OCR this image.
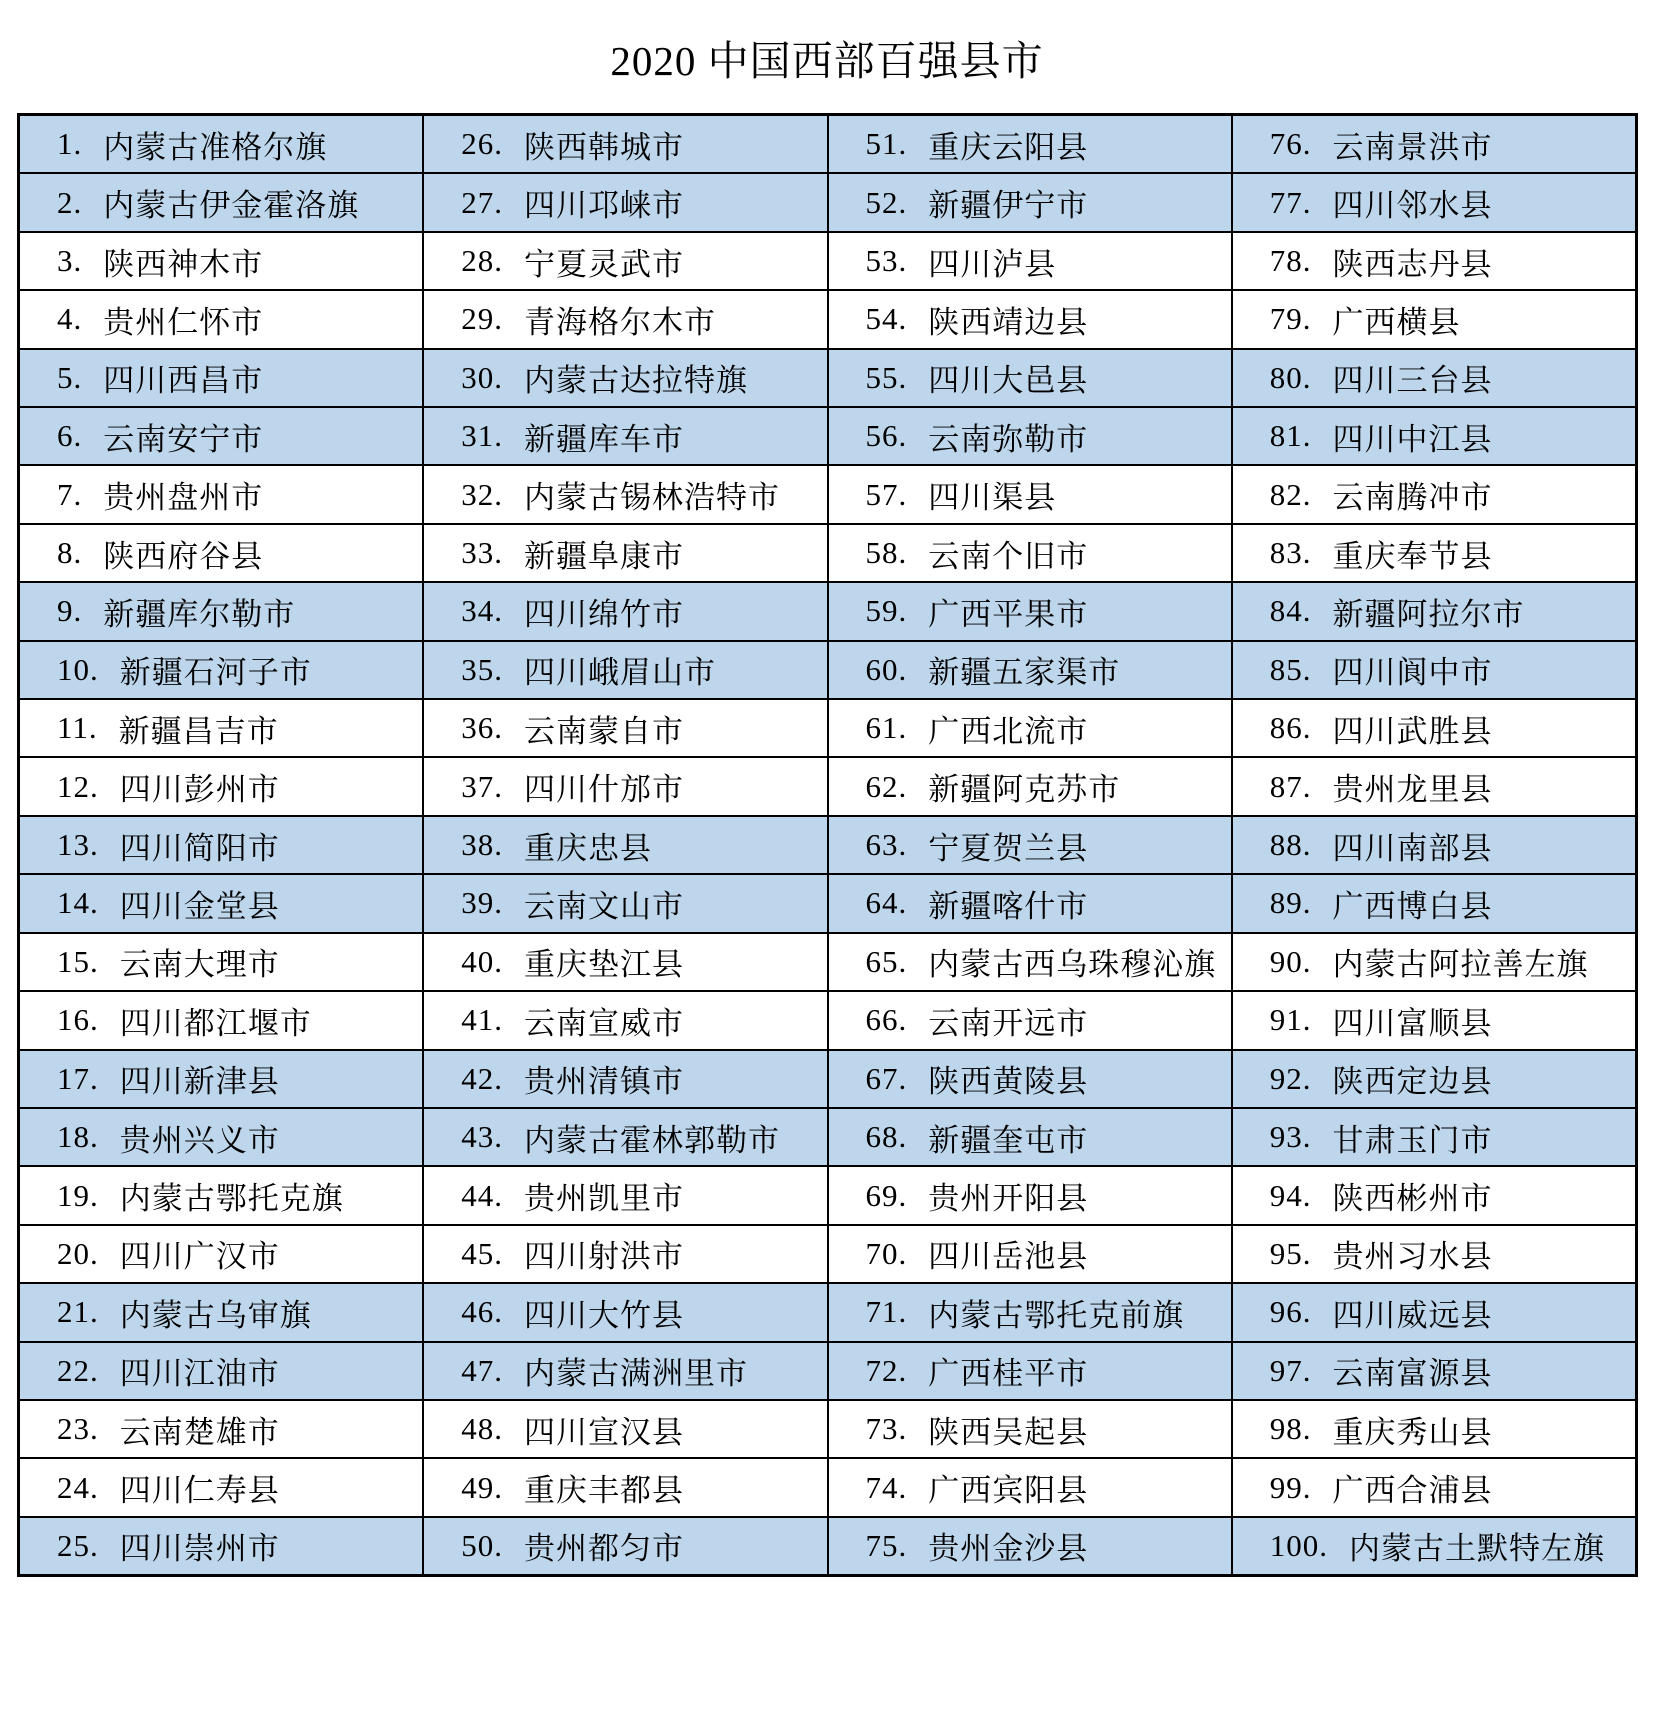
2020 中国西部百强县市
1. 内蒙古准格尔旗
2. 内蒙古伊金霍洛旗
3. 陕西神木市
4. 贵州仁怀市
5. 四川西昌市
6. 云南安宁市
7. 贵州盘州市
8. 陕西府谷县
9. 新疆库尔勒市
10. 新疆石河子市
11. 新疆昌吉市
12. 四川彭州市
13. 四川简阳市
14. 四川金堂县
15. 云南大理市
16. 四川都江堰市
17. 四川新津县
18. 贵州兴义市
19. 内蒙古鄂托克旗
20. 四川广汉市
21. 内蒙古乌审旗
22. 四川江油市
23. 云南楚雄市
24. 四川仁寿县
25. 四川崇州市
26. 陕西韩城市
27. 四川邛崃市
28. 宁夏灵武市
29. 青海格尔木市
30. 内蒙古达拉特旗
31. 新疆库车市
32. 内蒙古锡林浩特市
33. 新疆阜康市
34. 四川绵竹市
35. 四川峨眉山市
36. 云南蒙自市
37. 四川什邡市
38. 重庆忠县
39. 云南文山市
40. 重庆垫江县
41. 云南宣威市
42. 贵州清镇市
43. 内蒙古霍林郭勒市
44. 贵州凯里市
45. 四川射洪市
46. 四川大竹县
47. 内蒙古满洲里市
48. 四川宣汉县
49. 重庆丰都县
50. 贵州都匀市
51. 重庆云阳县
52. 新疆伊宁市
53. 四川泸县
54. 陕西靖边县
55. 四川大邑县
56. 云南弥勒市
57. 四川渠县
58. 云南个旧市
59. 广西平果市
60. 新疆五家渠市
61. 广西北流市
62. 新疆阿克苏市
63. 宁夏贺兰县
64. 新疆喀什市
65. 内蒙古西乌珠穆沁旗
66. 云南开远市
67. 陕西黄陵县
68. 新疆奎屯市
69. 贵州开阳县
70. 四川岳池县
71. 内蒙古鄂托克前旗
72. 广西桂平市
73. 陕西吴起县
74. 广西宾阳县
75. 贵州金沙县
76. 云南景洪市
77. 四川邻水县
78. 陕西志丹县
79. 广西横县
80. 四川三台县
81. 四川中江县
82. 云南腾冲市
83. 重庆奉节县
84. 新疆阿拉尔市
85. 四川阆中市
86. 四川武胜县
87. 贵州龙里县
88. 四川南部县
89. 广西博白县
90. 内蒙古阿拉善左旗
91. 四川富顺县
92. 陕西定边县
93. 甘肃玉门市
94. 陕西彬州市
95. 贵州习水县
96. 四川威远县
97. 云南富源县
98. 重庆秀山县
99. 广西合浦县
100. 内蒙古土默特左旗
